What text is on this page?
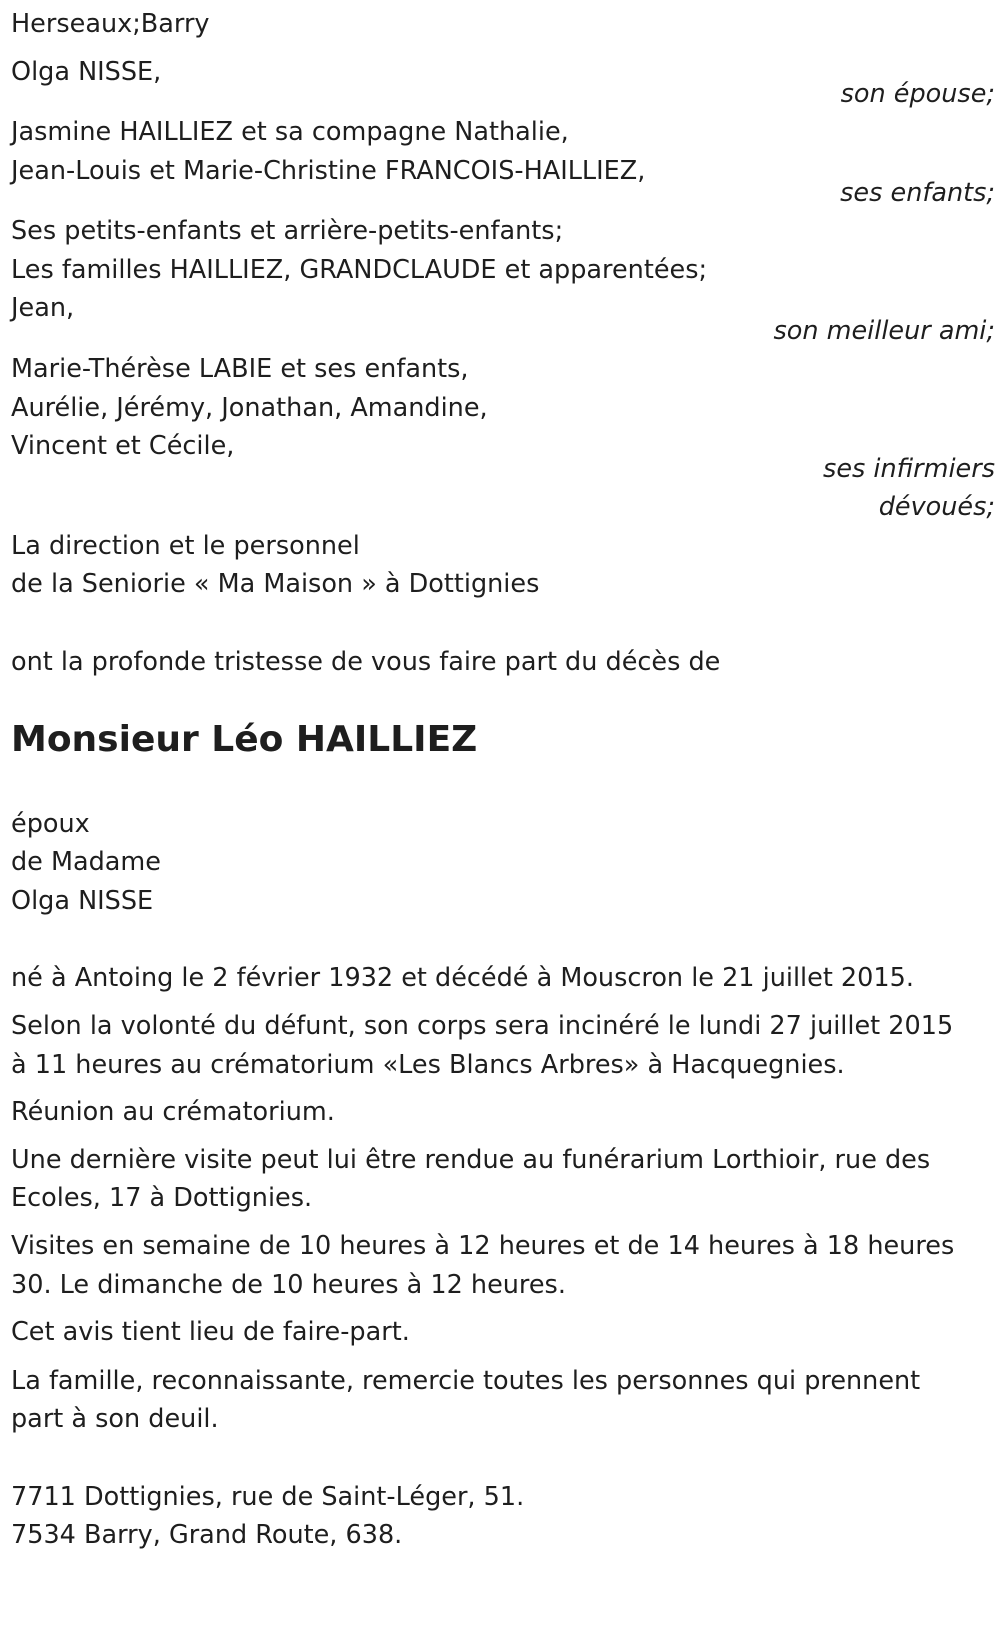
Herseaux;Barry
Olga NISSE,
son épouse;
Jasmine HAILLIEZ et sa compagne Nathalie,
Jean-Louis et Marie-Christine FRANCOIS-HAILLIEZ,
ses enfants;
Ses petits-enfants et arrière-petits-enfants;
Les familles HAILLIEZ, GRANDCLAUDE et apparentées;
Jean,
son meilleur ami;
Marie-Thérèse LABIE et ses enfants,
Aurélie, Jérémy, Jonathan, Amandine,
Vincent et Cécile,
ses infirmiers
dévoués;
La direction et le personnel
de la Seniorie « Ma Maison » à Dottignies
ont la profonde tristesse de vous faire part du décès de
Monsieur Léo HAILLIEZ
époux
de Madame
Olga NISSE
né à Antoing le 2 février 1932 et décédé à Mouscron le 21 juillet 2015.
Selon la volonté du défunt, son corps sera incinéré le lundi 27 juillet 2015
à 11 heures au crématorium «Les Blancs Arbres» à Hacquegnies.
Réunion au crématorium.
Une dernière visite peut lui être rendue au funérarium Lorthioir, rue des
Ecoles, 17 à Dottignies.
Visites en semaine de 10 heures à 12 heures et de 14 heures à 18 heures
30. Le dimanche de 10 heures à 12 heures.
Cet avis tient lieu de faire-part.
La famille, reconnaissante, remercie toutes les personnes qui prennent
part à son deuil.
7711 Dottignies, rue de Saint-Léger, 51.
7534 Barry, Grand Route, 638.
